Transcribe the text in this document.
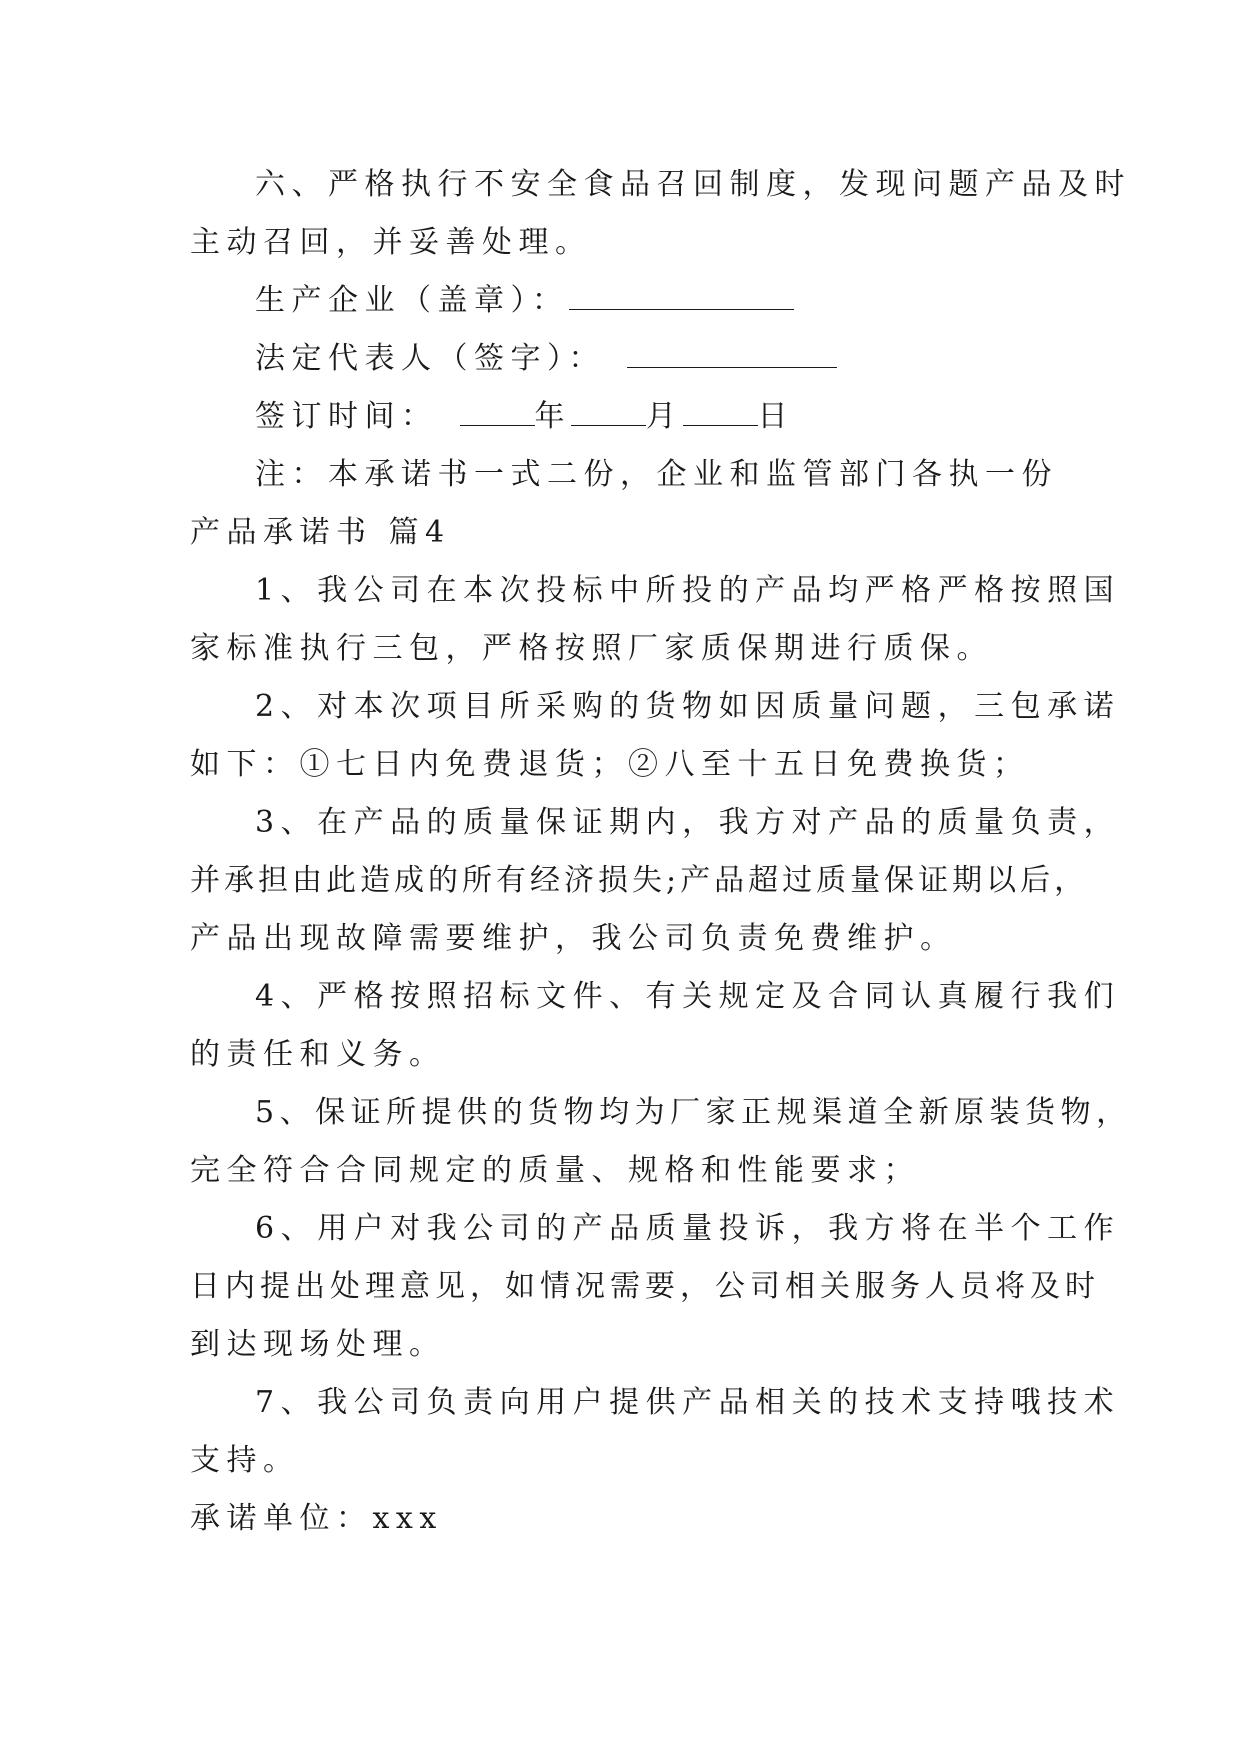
六、严格执行不安全食品召回制度，发现问题产品及时
主动召回，并妥善处理。
生产企业（盖章）：
法定代表人（签字）：
签订时间：	年	月	日
注：本承诺书一式二份，企业和监管部门各执一份
产品承诺书 篇4
1、我公司在本次投标中所投的产品均严格严格按照国
家标准执行三包，严格按照厂家质保期进行质保。
2、对本次项目所采购的货物如因质量问题，三包承诺
如下：①七日内免费退货；②八至十五日免费换货；
3、在产品的质量保证期内，我方对产品的质量负责，
并承担由此造成的所有经济损失;产品超过质量保证期以后，
产品出现故障需要维护，我公司负责免费维护。
4、严格按照招标文件、有关规定及合同认真履行我们
的责任和义务。
5、保证所提供的货物均为厂家正规渠道全新原装货物，
完全符合合同规定的质量、规格和性能要求；
6、用户对我公司的产品质量投诉，我方将在半个工作
日内提出处理意见，如情况需要，公司相关服务人员将及时
到达现场处理。
7、我公司负责向用户提供产品相关的技术支持哦技术
支持。
承诺单位：xxx
